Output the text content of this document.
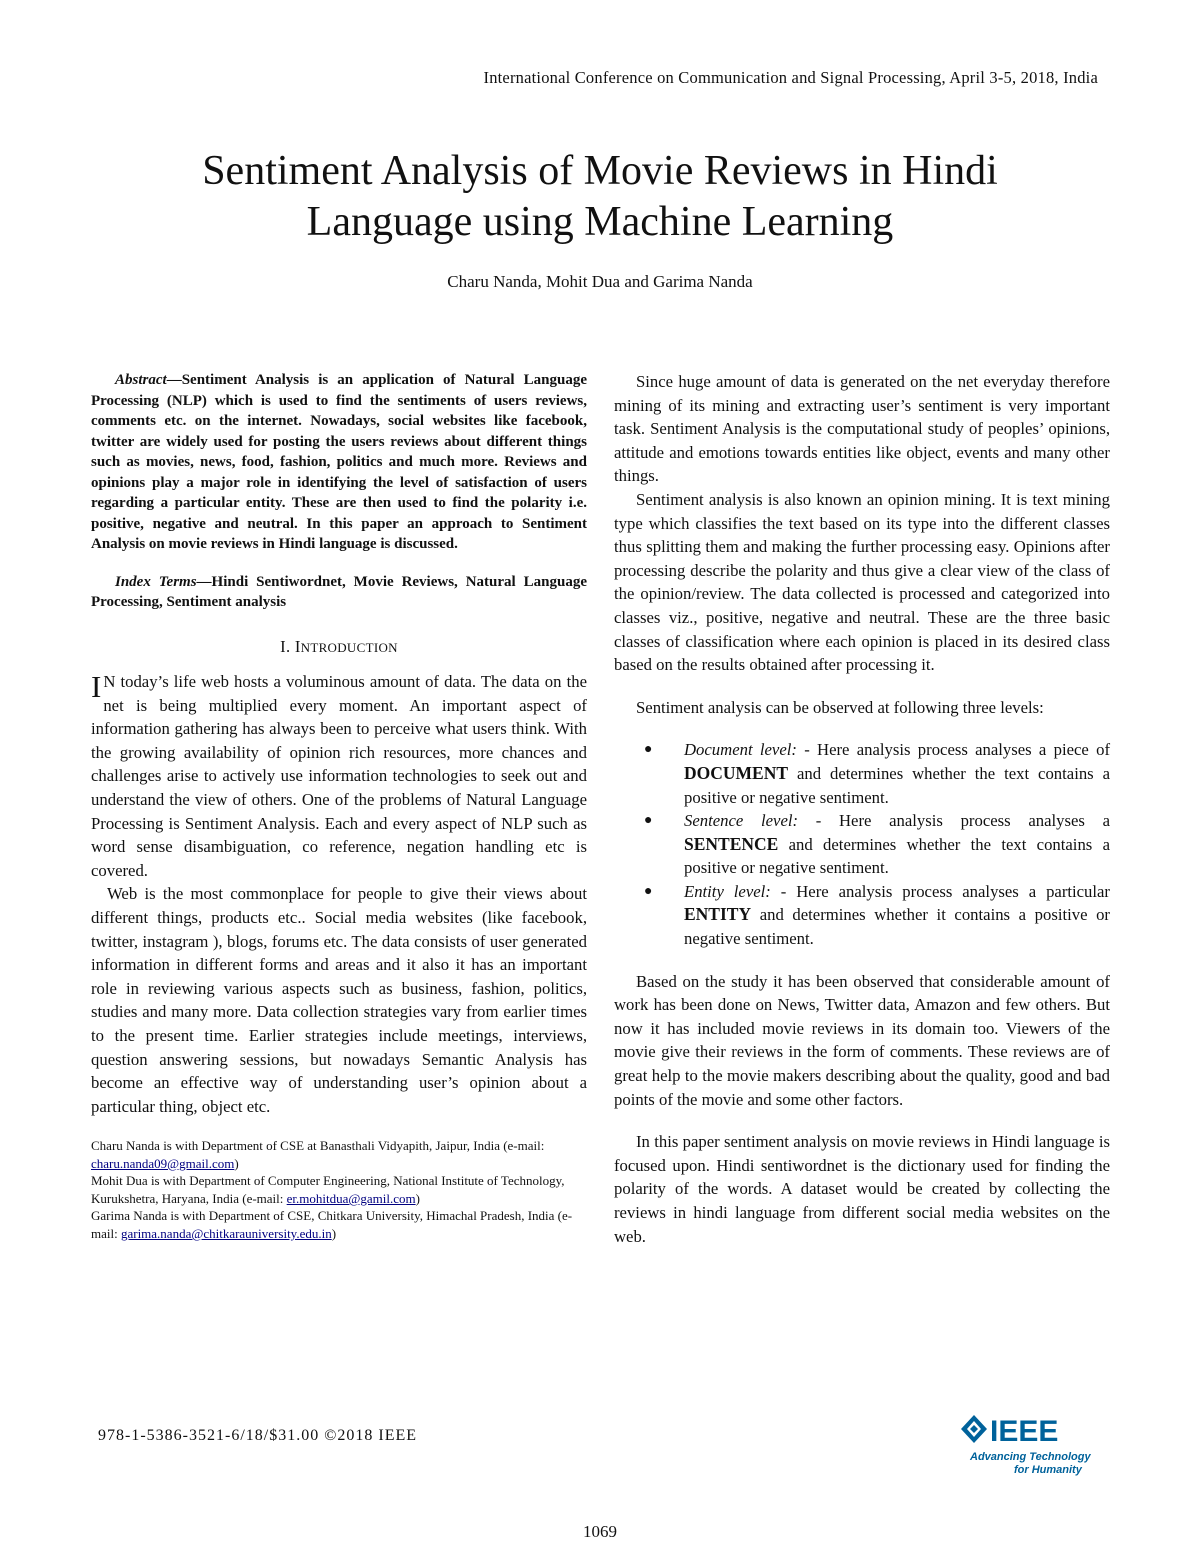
International Conference on Communication and Signal Processing, April 3-5, 2018, India
Sentiment Analysis of Movie Reviews in Hindi
Language using Machine Learning
Charu Nanda, Mohit Dua and Garima Nanda

Abstract—Sentiment Analysis is an application of Natural Language Processing (NLP) which is used to find the sentiments of users reviews, comments etc. on the internet. Nowadays, social websites like facebook, twitter are widely used for posting the users reviews about different things such as movies, news, food, fashion, politics and much more. Reviews and opinions play a major role in identifying the level of satisfaction of users regarding a particular entity. These are then used to find the polarity i.e. positive, negative and neutral. In this paper an approach to Sentiment Analysis on movie reviews in Hindi language is discussed.

Index Terms—Hindi Sentiwordnet, Movie Reviews, Natural Language Processing, Sentiment analysis

I. INTRODUCTION

I N today’s life web hosts a voluminous amount of data. The data on the net is being multiplied every moment. An important aspect of information gathering has always been to perceive what users think. With the growing availability of opinion rich resources, more chances and challenges arise to actively use information technologies to seek out and understand the view of others. One of the problems of Natural Language Processing is Sentiment Analysis. Each and every aspect of NLP such as word sense disambiguation, co reference, negation handling etc is covered.

Web is the most commonplace for people to give their views about different things, products etc.. Social media websites (like facebook, twitter, instagram ), blogs, forums etc. The data consists of user generated information in different forms and areas and it also it has an important role in reviewing various aspects such as business, fashion, politics, studies and many more. Data collection strategies vary from earlier times to the present time. Earlier strategies include meetings, interviews, question answering sessions, but nowadays Semantic Analysis has become an effective way of understanding user’s opinion about a particular thing, object etc.

Charu Nanda is with Department of CSE at Banasthali Vidyapith, Jaipur, India (e-mail: charu.nanda09@gmail.com)
Mohit Dua is with Department of Computer Engineering, National Institute of Technology, Kurukshetra, Haryana, India (e-mail: er.mohitdua@gamil.com)
Garima Nanda is with Department of CSE, Chitkara University, Himachal Pradesh, India (e-mail: garima.nanda@chitkarauniversity.edu.in)

Since huge amount of data is generated on the net everyday therefore mining of its mining and extracting user’s sentiment is very important task. Sentiment Analysis is the computational study of peoples’ opinions, attitude and emotions towards entities like object, events and many other things.

Sentiment analysis is also known an opinion mining. It is text mining type which classifies the text based on its type into the different classes thus splitting them and making the further processing easy. Opinions after processing describe the polarity and thus give a clear view of the class of the opinion/review. The data collected is processed and categorized into classes viz., positive, negative and neutral. These are the three basic classes of classification where each opinion is placed in its desired class based on the results obtained after processing it.

Sentiment analysis can be observed at following three levels:

● Document level: - Here analysis process analyses a piece of DOCUMENT and determines whether the text contains a positive or negative sentiment.
● Sentence level: - Here analysis process analyses a SENTENCE and determines whether the text contains a positive or negative sentiment.
● Entity level: - Here analysis process analyses a particular ENTITY and determines whether it contains a positive or negative sentiment.

Based on the study it has been observed that considerable amount of work has been done on News, Twitter data, Amazon and few others. But now it has included movie reviews in its domain too. Viewers of the movie give their reviews in the form of comments. These reviews are of great help to the movie makers describing about the quality, good and bad points of the movie and some other factors.

In this paper sentiment analysis on movie reviews in Hindi language is focused upon. Hindi sentiwordnet is the dictionary used for finding the polarity of the words. A dataset would be created by collecting the reviews in hindi language from different social media websites on the web.

978-1-5386-3521-6/18/$31.00 ©2018 IEEE	IEEE
Advancing Technology
for Humanity
1069
